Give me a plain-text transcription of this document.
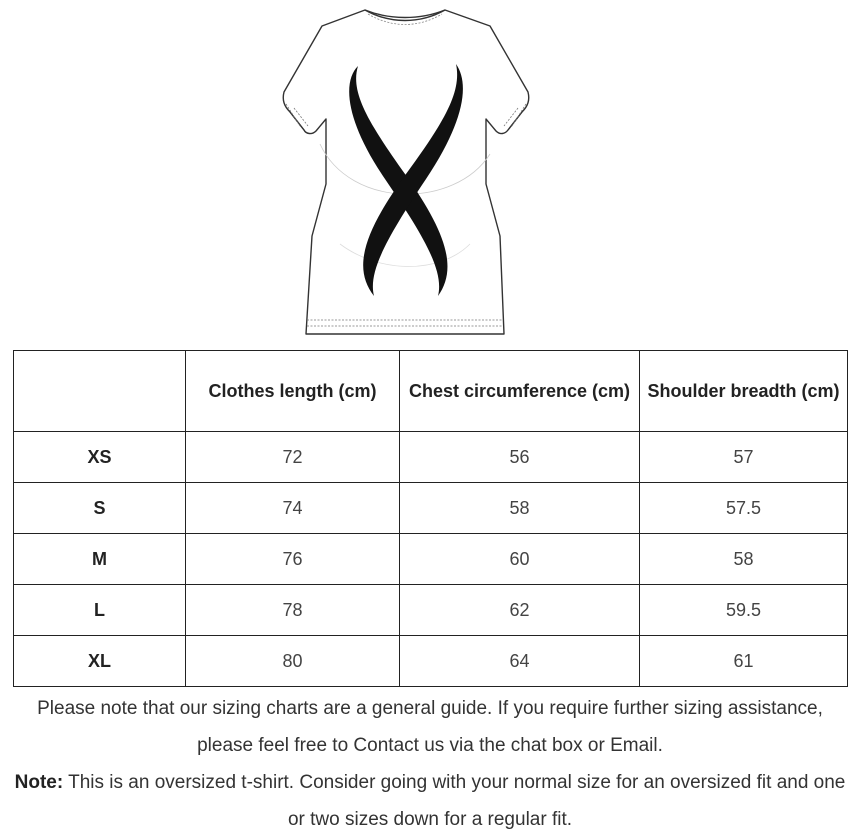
	Clothes length (cm)	Chest circumference (cm)	Shoulder breadth (cm)
XS	72	56	57
S	74	58	57.5
M	76	60	58
L	78	62	59.5
XL	80	64	61

Please note that our sizing charts are a general guide. If you require further sizing assistance, please feel free to Contact us via the chat box or Email.

Note: This is an oversized t-shirt. Consider going with your normal size for an oversized fit and one or two sizes down for a regular fit.
